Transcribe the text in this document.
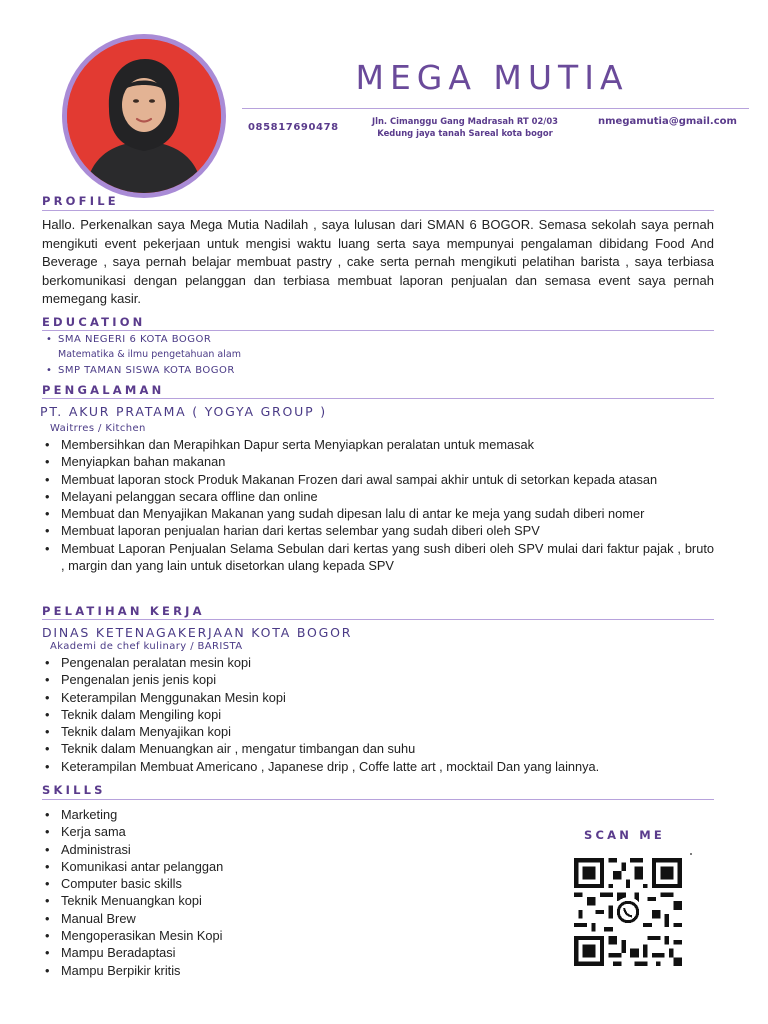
MEGA MUTIA
085817690478
Jln. Cimanggu Gang Madrasah RT 02/03
Kedung jaya tanah Sareal kota bogor
nmegamutia@gmail.com
PROFILE

Hallo. Perkenalkan saya Mega Mutia Nadilah , saya lulusan dari SMAN 6 BOGOR. Semasa sekolah saya pernah mengikuti event pekerjaan untuk mengisi waktu luang serta saya mempunyai pengalaman dibidang Food And Beverage , saya pernah belajar membuat pastry , cake serta pernah mengikuti pelatihan barista , saya terbiasa berkomunikasi dengan pelanggan dan terbiasa membuat laporan penjualan dan semasa event saya pernah memegang kasir.

EDUCATION
• SMA NEGERI 6 KOTA BOGOR
Matematika & ilmu pengetahuan alam
• SMP TAMAN SISWA KOTA BOGOR
PENGALAMAN
PT. AKUR PRATAMA ( YOGYA GROUP )
Waitrres / Kitchen
• Membersihkan dan Merapihkan Dapur serta Menyiapkan peralatan untuk memasak
• Menyiapkan bahan makanan
• Membuat laporan stock Produk Makanan Frozen dari awal sampai akhir untuk di setorkan kepada atasan
• Melayani pelanggan secara offline dan online
• Membuat dan Menyajikan Makanan yang sudah dipesan lalu di antar ke meja yang sudah diberi nomer
• Membuat laporan penjualan harian dari kertas selembar yang sudah diberi oleh SPV
• Membuat Laporan Penjualan Selama Sebulan dari kertas yang sush diberi oleh SPV mulai dari faktur pajak , bruto , margin dan yang lain untuk disetorkan ulang kepada SPV
PELATIHAN KERJA
DINAS KETENAGAKERJAAN KOTA BOGOR
Akademi de chef kulinary / BARISTA
• Pengenalan peralatan mesin kopi
• Pengenalan jenis jenis kopi
• Keterampilan Menggunakan Mesin kopi
• Teknik dalam Mengiling kopi
• Teknik dalam Menyajikan kopi
• Teknik dalam Menuangkan air , mengatur timbangan dan suhu
• Keterampilan Membuat Americano , Japanese drip , Coffe latte art , mocktail Dan yang lainnya.
SKILLS
• Marketing
• Kerja sama
• Administrasi
• Komunikasi antar pelanggan
• Computer basic skills
• Teknik Menuangkan kopi
• Manual Brew
• Mengoperasikan Mesin Kopi
• Mampu Beradaptasi
• Mampu Berpikir kritis
SCAN ME
